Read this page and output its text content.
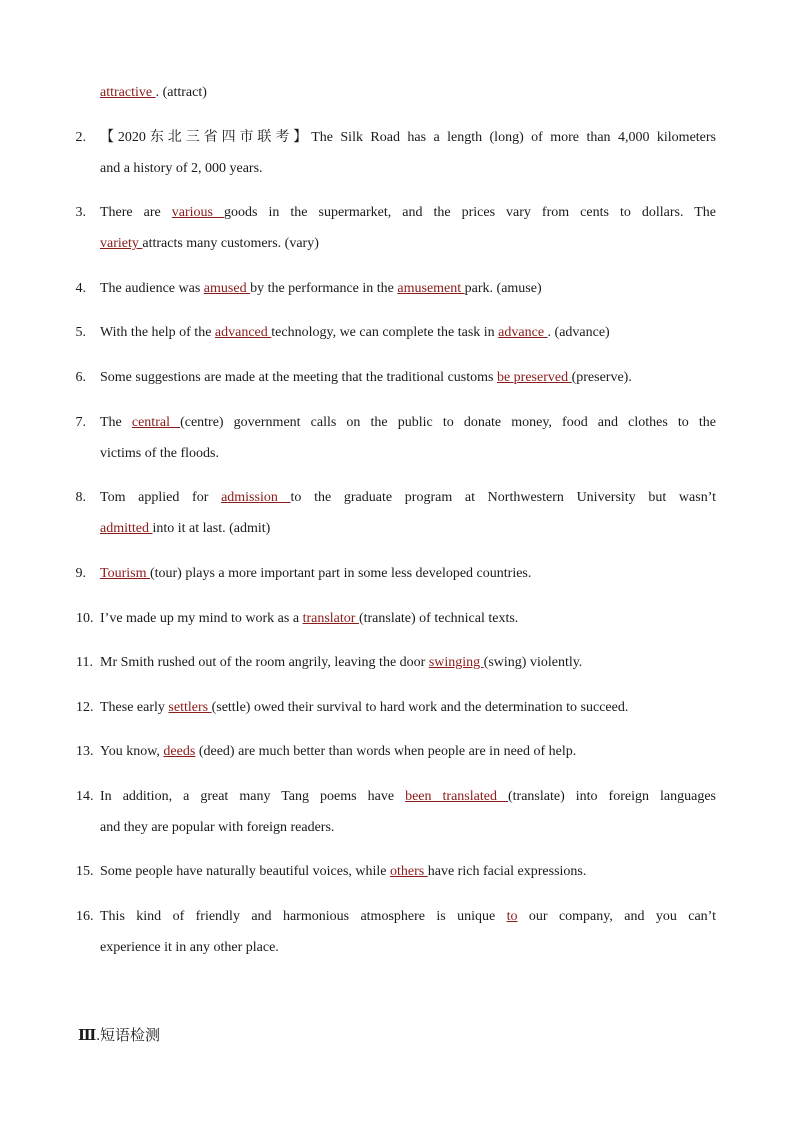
attractive . (attract)
2. 【2020东北三省四市联考】The Silk Road has a length (long) of more than 4,000 kilometers
and a history of 2, 000 years.
3. There are various goods in the supermarket, and the prices vary from cents to dollars. The
variety attracts many customers. (vary)
4. The audience was amused by the performance in the amusement park. (amuse)
5. With the help of the advanced technology, we can complete the task in advance . (advance)
6. Some suggestions are made at the meeting that the traditional customs be preserved (preserve).
7. The central (centre) government calls on the public to donate money, food and clothes to the
victims of the floods.
8. Tom applied for admission to the graduate program at Northwestern University but wasn’t
admitted into it at last. (admit)
9. Tourism (tour) plays a more important part in some less developed countries.
10. I’ve made up my mind to work as a translator (translate) of technical texts.
11. Mr Smith rushed out of the room angrily, leaving the door swinging (swing) violently.
12. These early settlers (settle) owed their survival to hard work and the determination to succeed.
13. You know, deeds (deed) are much better than words when people are in need of help.
14. In addition, a great many Tang poems have been translated (translate) into foreign languages
and they are popular with foreign readers.
15. Some people have naturally beautiful voices, while others have rich facial expressions.
16. This kind of friendly and harmonious atmosphere is unique to our company, and you can’t
experience it in any other place.
Ⅲ.短语检测
